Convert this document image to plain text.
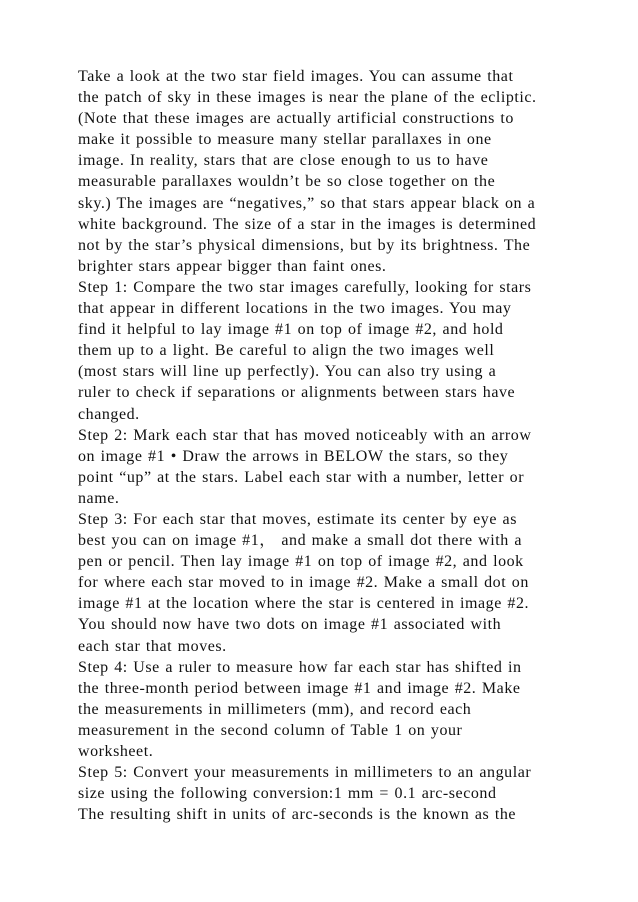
Take a look at the two star field images. You can assume that
the patch of sky in these images is near the plane of the ecliptic.
(Note that these images are actually artificial constructions to
make it possible to measure many stellar parallaxes in one
image. In reality, stars that are close enough to us to have
measurable parallaxes wouldn’t be so close together on the
sky.) The images are “negatives,” so that stars appear black on a
white background. The size of a star in the images is determined
not by the star’s physical dimensions, but by its brightness. The
brighter stars appear bigger than faint ones.
Step 1: Compare the two star images carefully, looking for stars
that appear in different locations in the two images. You may
find it helpful to lay image #1 on top of image #2, and hold
them up to a light. Be careful to align the two images well
(most stars will line up perfectly). You can also try using a
ruler to check if separations or alignments between stars have
changed.
Step 2: Mark each star that has moved noticeably with an arrow
on image #1 • Draw the arrows in BELOW the stars, so they
point “up” at the stars. Label each star with a number, letter or
name.
Step 3: For each star that moves, estimate its center by eye as
best you can on image #1， and make a small dot there with a
pen or pencil. Then lay image #1 on top of image #2, and look
for where each star moved to in image #2. Make a small dot on
image #1 at the location where the star is centered in image #2.
You should now have two dots on image #1 associated with
each star that moves.
Step 4: Use a ruler to measure how far each star has shifted in
the three-month period between image #1 and image #2. Make
the measurements in millimeters (mm), and record each
measurement in the second column of Table 1 on your
worksheet.
Step 5: Convert your measurements in millimeters to an angular
size using the following conversion:1 mm = 0.1 arc-second
The resulting shift in units of arc-seconds is the known as the
